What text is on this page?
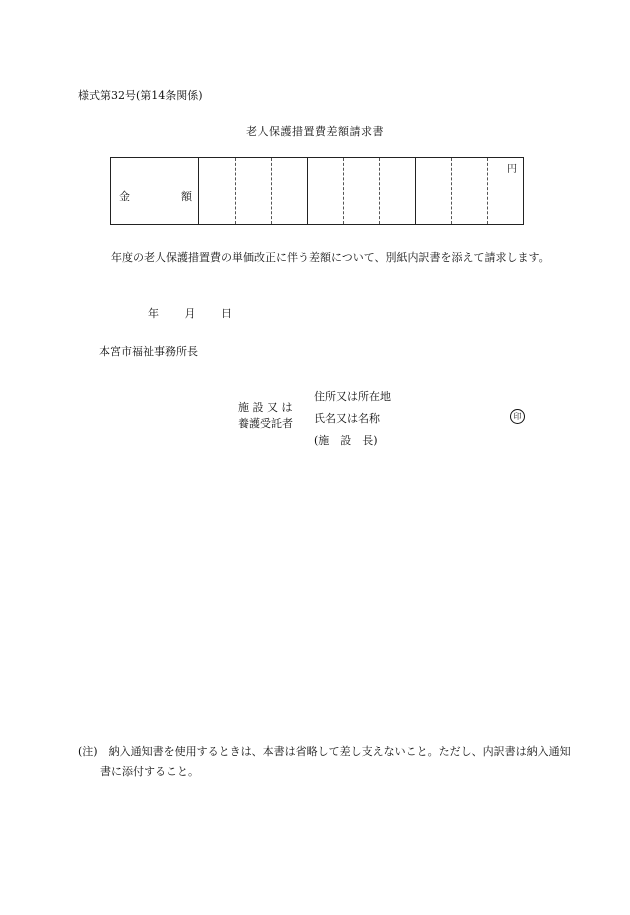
様式第32号(第14条関係)
老人保護措置費差額請求書
金	額
円
年度の老人保護措置費の単価改正に伴う差額について、別紙内訳書を添えて請求します。
年 月 日
本宮市福祉事務所長
施 設 又 は
養護受託者
住所又は所在地
氏名又は名称
(施　設　長)
印
(注)　納入通知書を使用するときは、本書は省略して差し支えないこと。ただし、内訳書は納入通知書に添付すること。
